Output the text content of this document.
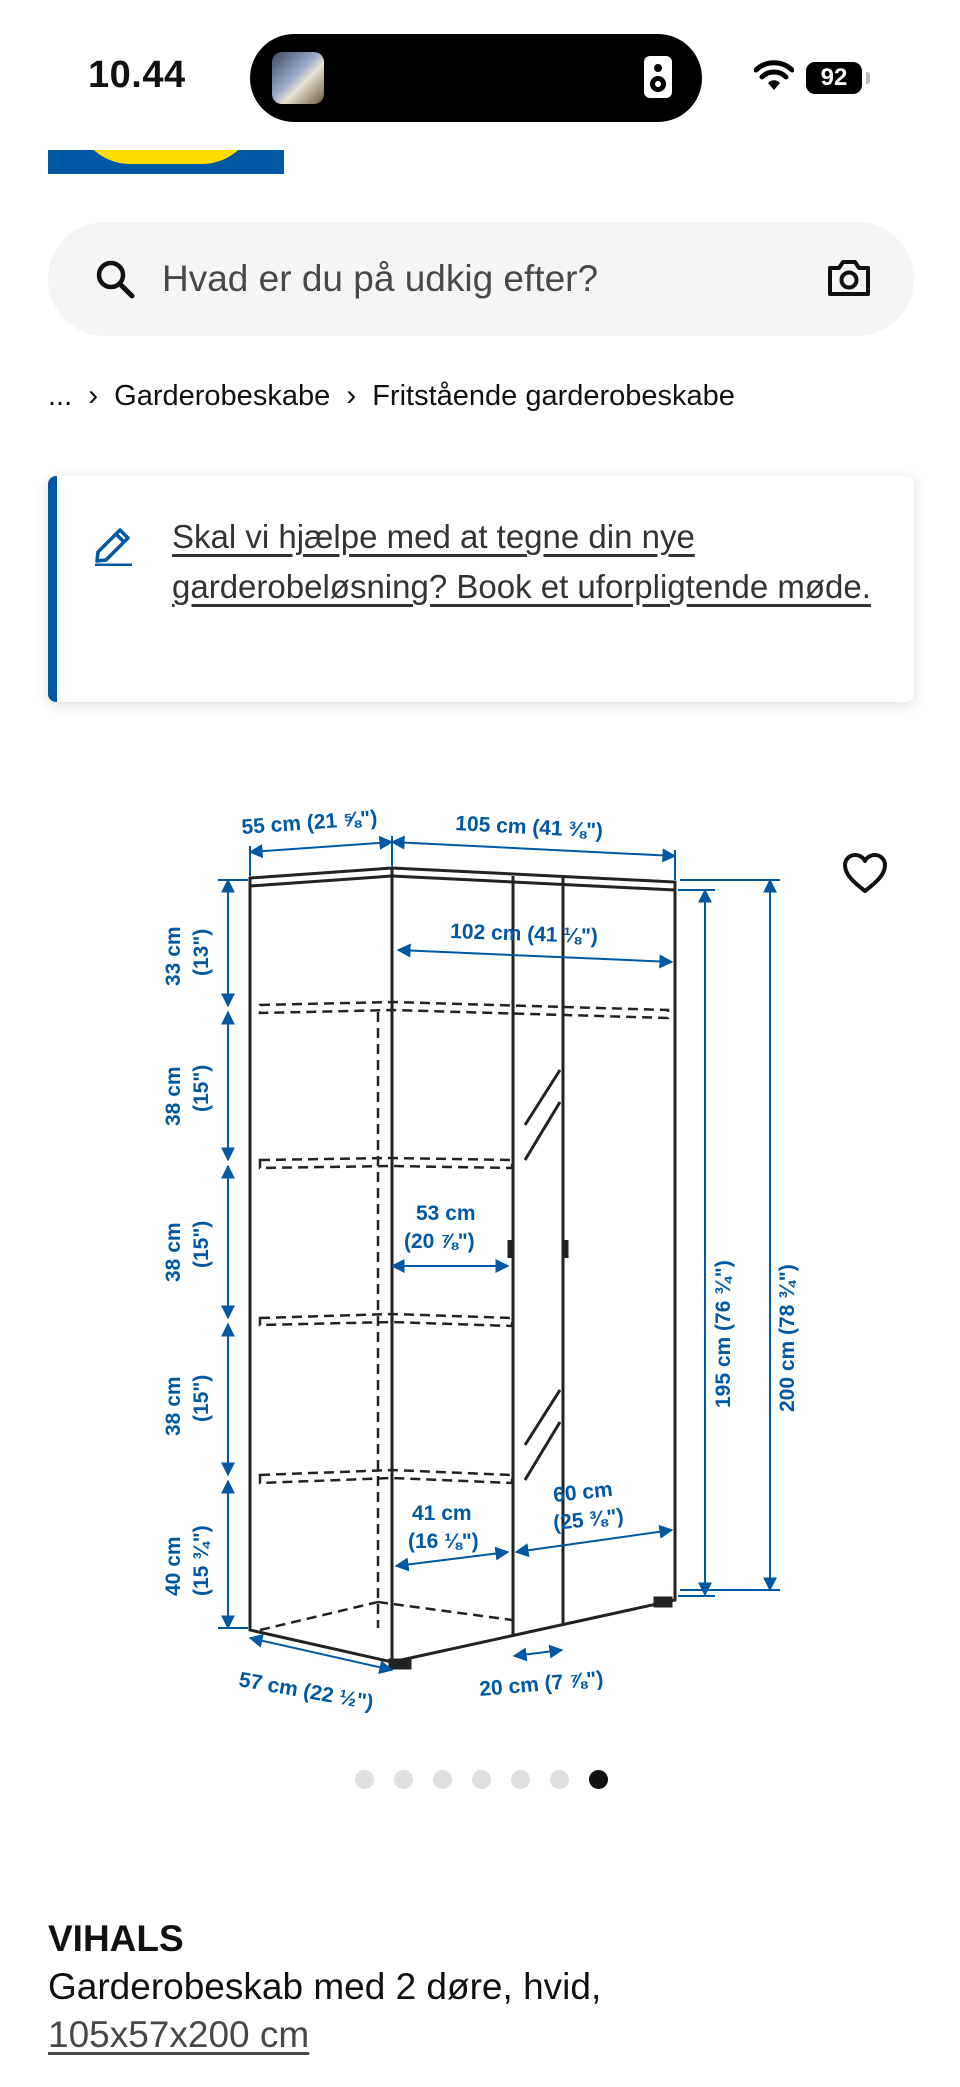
10.44	92
Hvad er du på udkig efter?
... › Garderobeskabe › Fritstående garderobeskabe
Skal vi hjælpe med at tegne din nye garderobeløsning? Book et uforpligtende møde.
55 cm (21 ⅝")	105 cm (41 ⅜")
102 cm (41 ⅛")
33 cm (13")
38 cm (15")
38 cm (15")
38 cm (15")
40 cm (15 ¾")
195 cm (76 ¾") 200 cm (78 ¾")
53 cm
(20 ⅞")
41 cm
(16 ⅛")
60 cm
(25 ⅜")
57 cm (22 ½")	20 cm (7 ⅞")
VIHALS
Garderobeskab med 2 døre, hvid,
105x57x200 cm
